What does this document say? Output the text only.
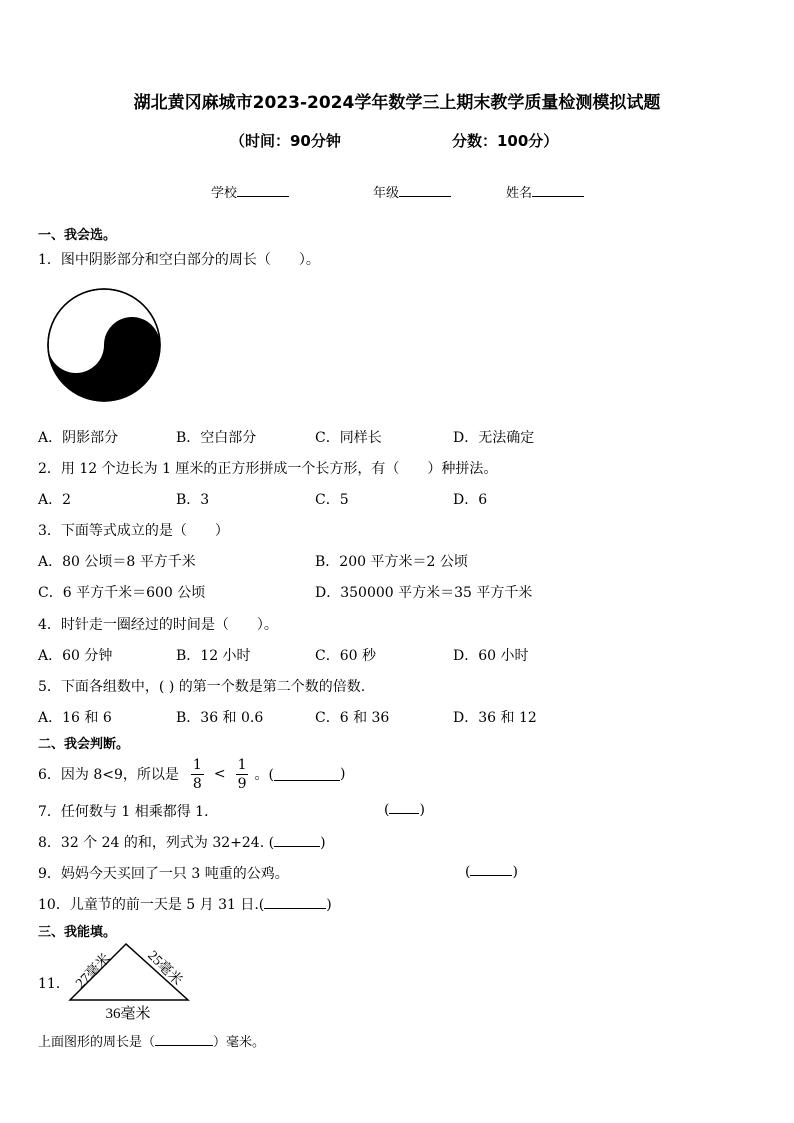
湖北黄冈麻城市2023-2024学年数学三上期末教学质量检测模拟试题
（时间：90分钟	分数：100分）
学校	年级	姓名
一、我会选。
1．图中阴影部分和空白部分的周长（　　）。
A．阴影部分	B．空白部分	C．同样长	D．无法确定
2．用 12 个边长为 1 厘米的正方形拼成一个长方形，有（　　）种拼法。
A．2	B．3	C．5	D．6
3．下面等式成立的是（　　）
A．80 公顷＝8 平方千米	B．200 平方米＝2 公顷
C．6 平方千米＝600 公顷	D．350000 平方米＝35 平方千米
4．时针走一圈经过的时间是（　　）。
A．60 分钟	B．12 小时	C．60 秒	D．60 小时
5．下面各组数中，( ) 的第一个数是第二个数的倍数.
A．16 和 6	B．36 和 0.6	C．6 和 36	D．36 和 12
二、我会判断。
6．因为 8<9，所以是 $\frac{1}{8} < \frac{1}{9}$ 。(	)
7．任何数与 1 相乘都得 1．	( )
8．32 个 24 的和，列式为 32+24. (	)
9．妈妈今天买回了一只 3 吨重的公鸡。	(	)
10．儿童节的前一天是 5 月 31 日.(	)
三、我能填。
11． 27毫米 25毫米
36毫米
上面图形的周长是（	）毫米。
